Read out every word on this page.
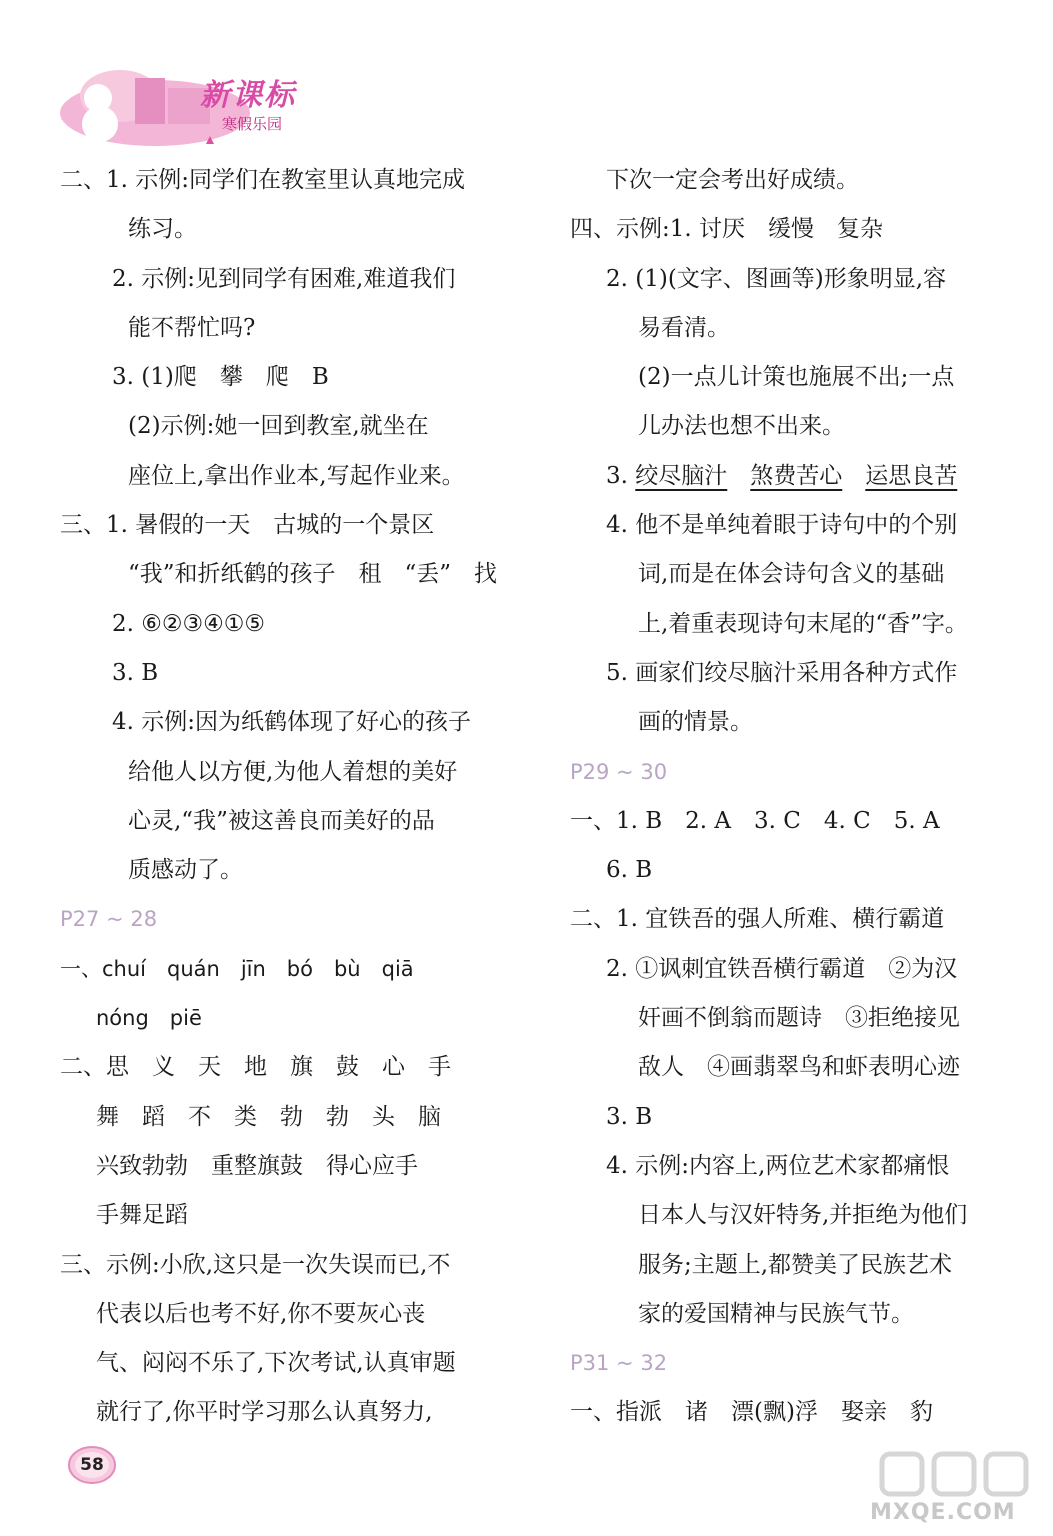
新课标
寒假乐园
二、1. 示例:同学们在教室里认真地完成
练习。
2. 示例:见到同学有困难,难道我们
能不帮忙吗?
3. (1)爬　攀　爬　B
(2)示例:她一回到教室,就坐在
座位上,拿出作业本,写起作业来。
三、1. 暑假的一天　古城的一个景区
“我”和折纸鹤的孩子　租　“丢”　找
2. ⑥②③④①⑤
3. B
4. 示例:因为纸鹤体现了好心的孩子
给他人以方便,为他人着想的美好
心灵,“我”被这善良而美好的品
质感动了。
P27 ~ 28
一、chuí　quán　jīn　bó　bù　qiā
nóng　piē
二、思　义　天　地　旗　鼓　心　手
舞　蹈　不　类　勃　勃　头　脑
兴致勃勃　重整旗鼓　得心应手
手舞足蹈
三、示例:小欣,这只是一次失误而已,不
代表以后也考不好,你不要灰心丧
气、闷闷不乐了,下次考试,认真审题
就行了,你平时学习那么认真努力,
下次一定会考出好成绩。
四、示例:1. 讨厌　缓慢　复杂
2. (1)(文字、图画等)形象明显,容
易看清。
(2)一点儿计策也施展不出;一点
儿办法也想不出来。
3. 绞尽脑汁　 煞费苦心　 运思良苦
4. 他不是单纯着眼于诗句中的个别
词,而是在体会诗句含义的基础
上,着重表现诗句末尾的“香”字。
5. 画家们绞尽脑汁采用各种方式作
画的情景。
P29 ~ 30
一、1. B　2. A　3. C　4. C　5. A
6. B
二、1. 宜铁吾的强人所难、横行霸道
2. ①讽刺宜铁吾横行霸道　②为汉
奸画不倒翁而题诗　③拒绝接见
敌人　④画翡翠鸟和虾表明心迹
3. B
4. 示例:内容上,两位艺术家都痛恨
日本人与汉奸特务,并拒绝为他们
服务;主题上,都赞美了民族艺术
家的爱国精神与民族气节。
P31 ~ 32
一、指派　诸　漂(飘)浮　娶亲　豹
58
MXQE.COM
